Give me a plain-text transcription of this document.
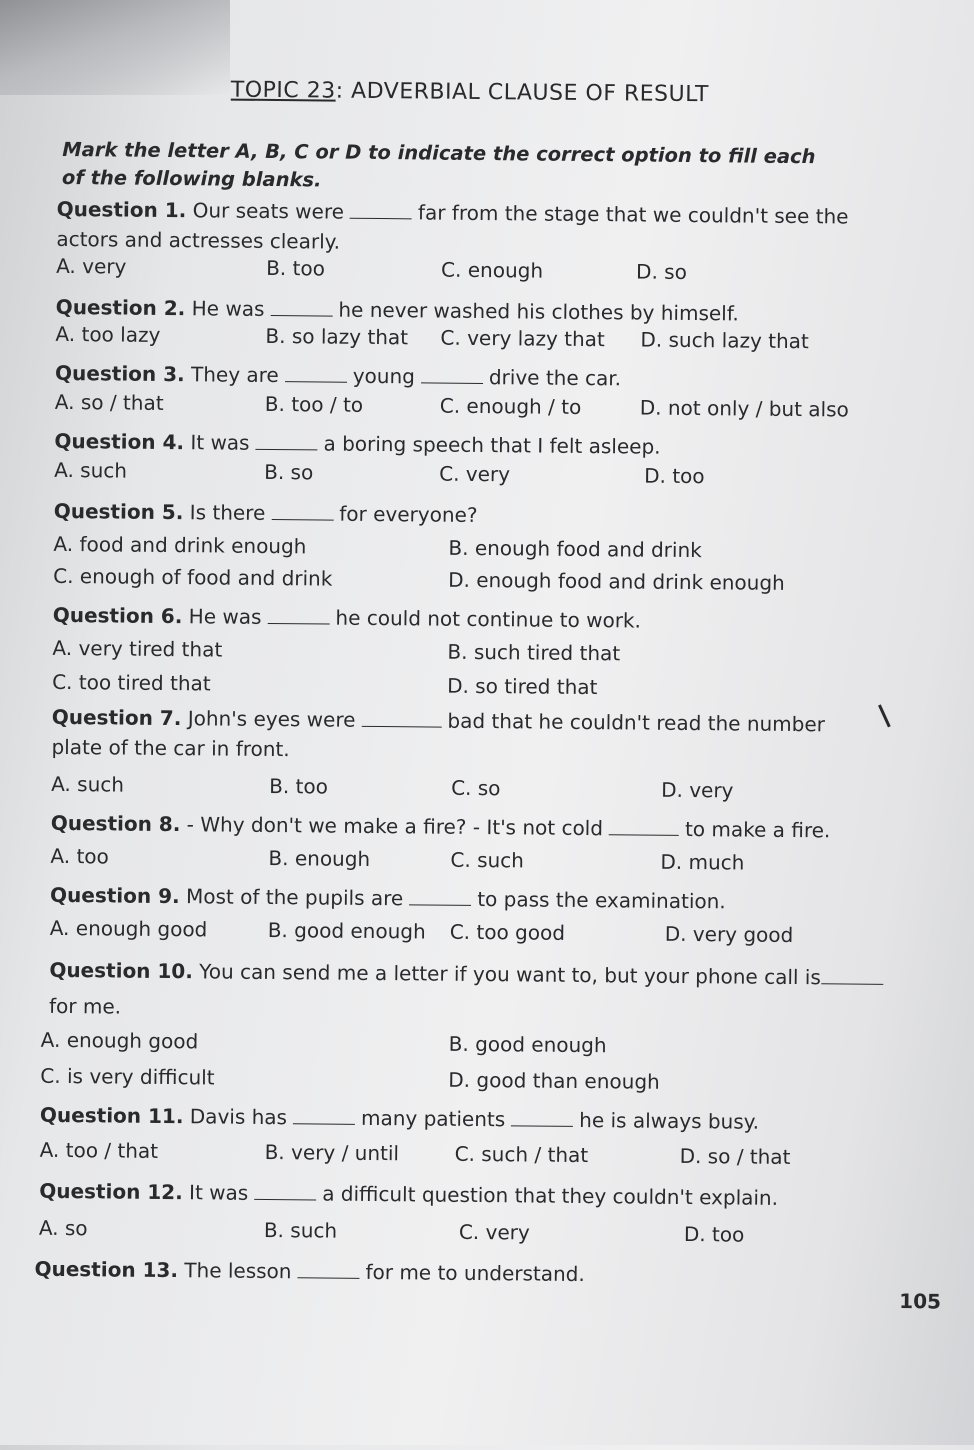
TOPIC 23: ADVERBIAL CLAUSE OF RESULT
Mark the letter A, B, C or D to indicate the correct option to fill each of the following blanks.
Question 1. Our seats were	far from the stage that we couldn't see the actors and actresses clearly.
A. very	B. too	C. enough	D. so
Question 2. He was	he never washed his clothes by himself.
A. too lazy	B. so lazy that C. very lazy that D. such lazy that
Question 3. They are	young	drive the car.
A. so / that	B. too / to	C. enough / to	D. not only / but also
Question 4. It was	a boring speech that I felt asleep.
A. such	B. so	C. very	D. too
Question 5. Is there	for everyone?
A. food and drink enough	B. enough food and drink
C. enough of food and drink	D. enough food and drink enough
Question 6. He was	he could not continue to work.
A. very tired that	B. such tired that
C. too tired that	D. so tired that
Question 7. John's eyes were	bad that he couldn't read the number plate of the car in front.
A. such	B. too	C. so	D. very
Question 8. - Why don't we make a fire? - It's not cold	to make a fire.
A. too	B. enough	C. such	D. much
Question 9. Most of the pupils are	to pass the examination.
A. enough good	B. good enough C. too good	D. very good
Question 10. You can send me a letter if you want to, but your phone call isfor me.
A. enough good	B. good enough
C. is very difficult	D. good than enough
Question 11. Davis has	many patients	he is always busy.
A. too / that	B. very / until	C. such / that	D. so / that
Question 12. It was	a difficult question that they couldn't explain.
A. so	B. such	C. very	D. too
Question 13. The lesson	for me to understand.
105
